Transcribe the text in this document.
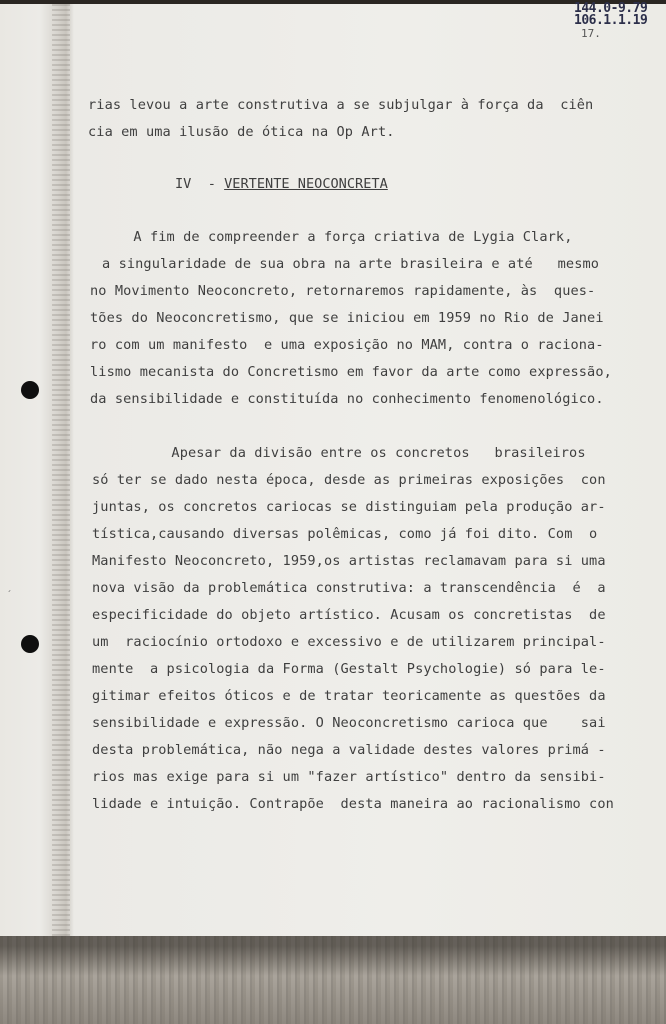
´
144.0-9.79
106.1.1.19
17.
rias levou a arte construtiva a se subjulgar à força da  ciên
cia em uma ilusão de ótica na Op Art.
IV  - VERTENTE NEOCONCRETA
A fim de compreender a força criativa de Lygia Clark,
a singularidade de sua obra na arte brasileira e até   mesmo
no Movimento Neoconcreto, retornaremos rapidamente, às  ques-
tões do Neoconcretismo, que se iniciou em 1959 no Rio de Janei
ro com um manifesto  e uma exposição no MAM, contra o raciona-
lismo mecanista do Concretismo em favor da arte como expressão,
da sensibilidade e constituída no conhecimento fenomenológico.
Apesar da divisão entre os concretos   brasileiros
só ter se dado nesta época, desde as primeiras exposições  con
juntas, os concretos cariocas se distinguiam pela produção ar-
tística,causando diversas polêmicas, como já foi dito. Com  o
Manifesto Neoconcreto, 1959,os artistas reclamavam para si uma
nova visão da problemática construtiva: a transcendência  é  a
especificidade do objeto artístico. Acusam os concretistas  de
um  raciocínio ortodoxo e excessivo e de utilizarem principal-
mente  a psicologia da Forma (Gestalt Psychologie) só para le-
gitimar efeitos óticos e de tratar teoricamente as questões da
sensibilidade e expressão. O Neoconcretismo carioca que    sai
desta problemática, não nega a validade destes valores primá -
rios mas exige para si um "fazer artístico" dentro da sensibi-
lidade e intuição. Contrapõe  desta maneira ao racionalismo con
